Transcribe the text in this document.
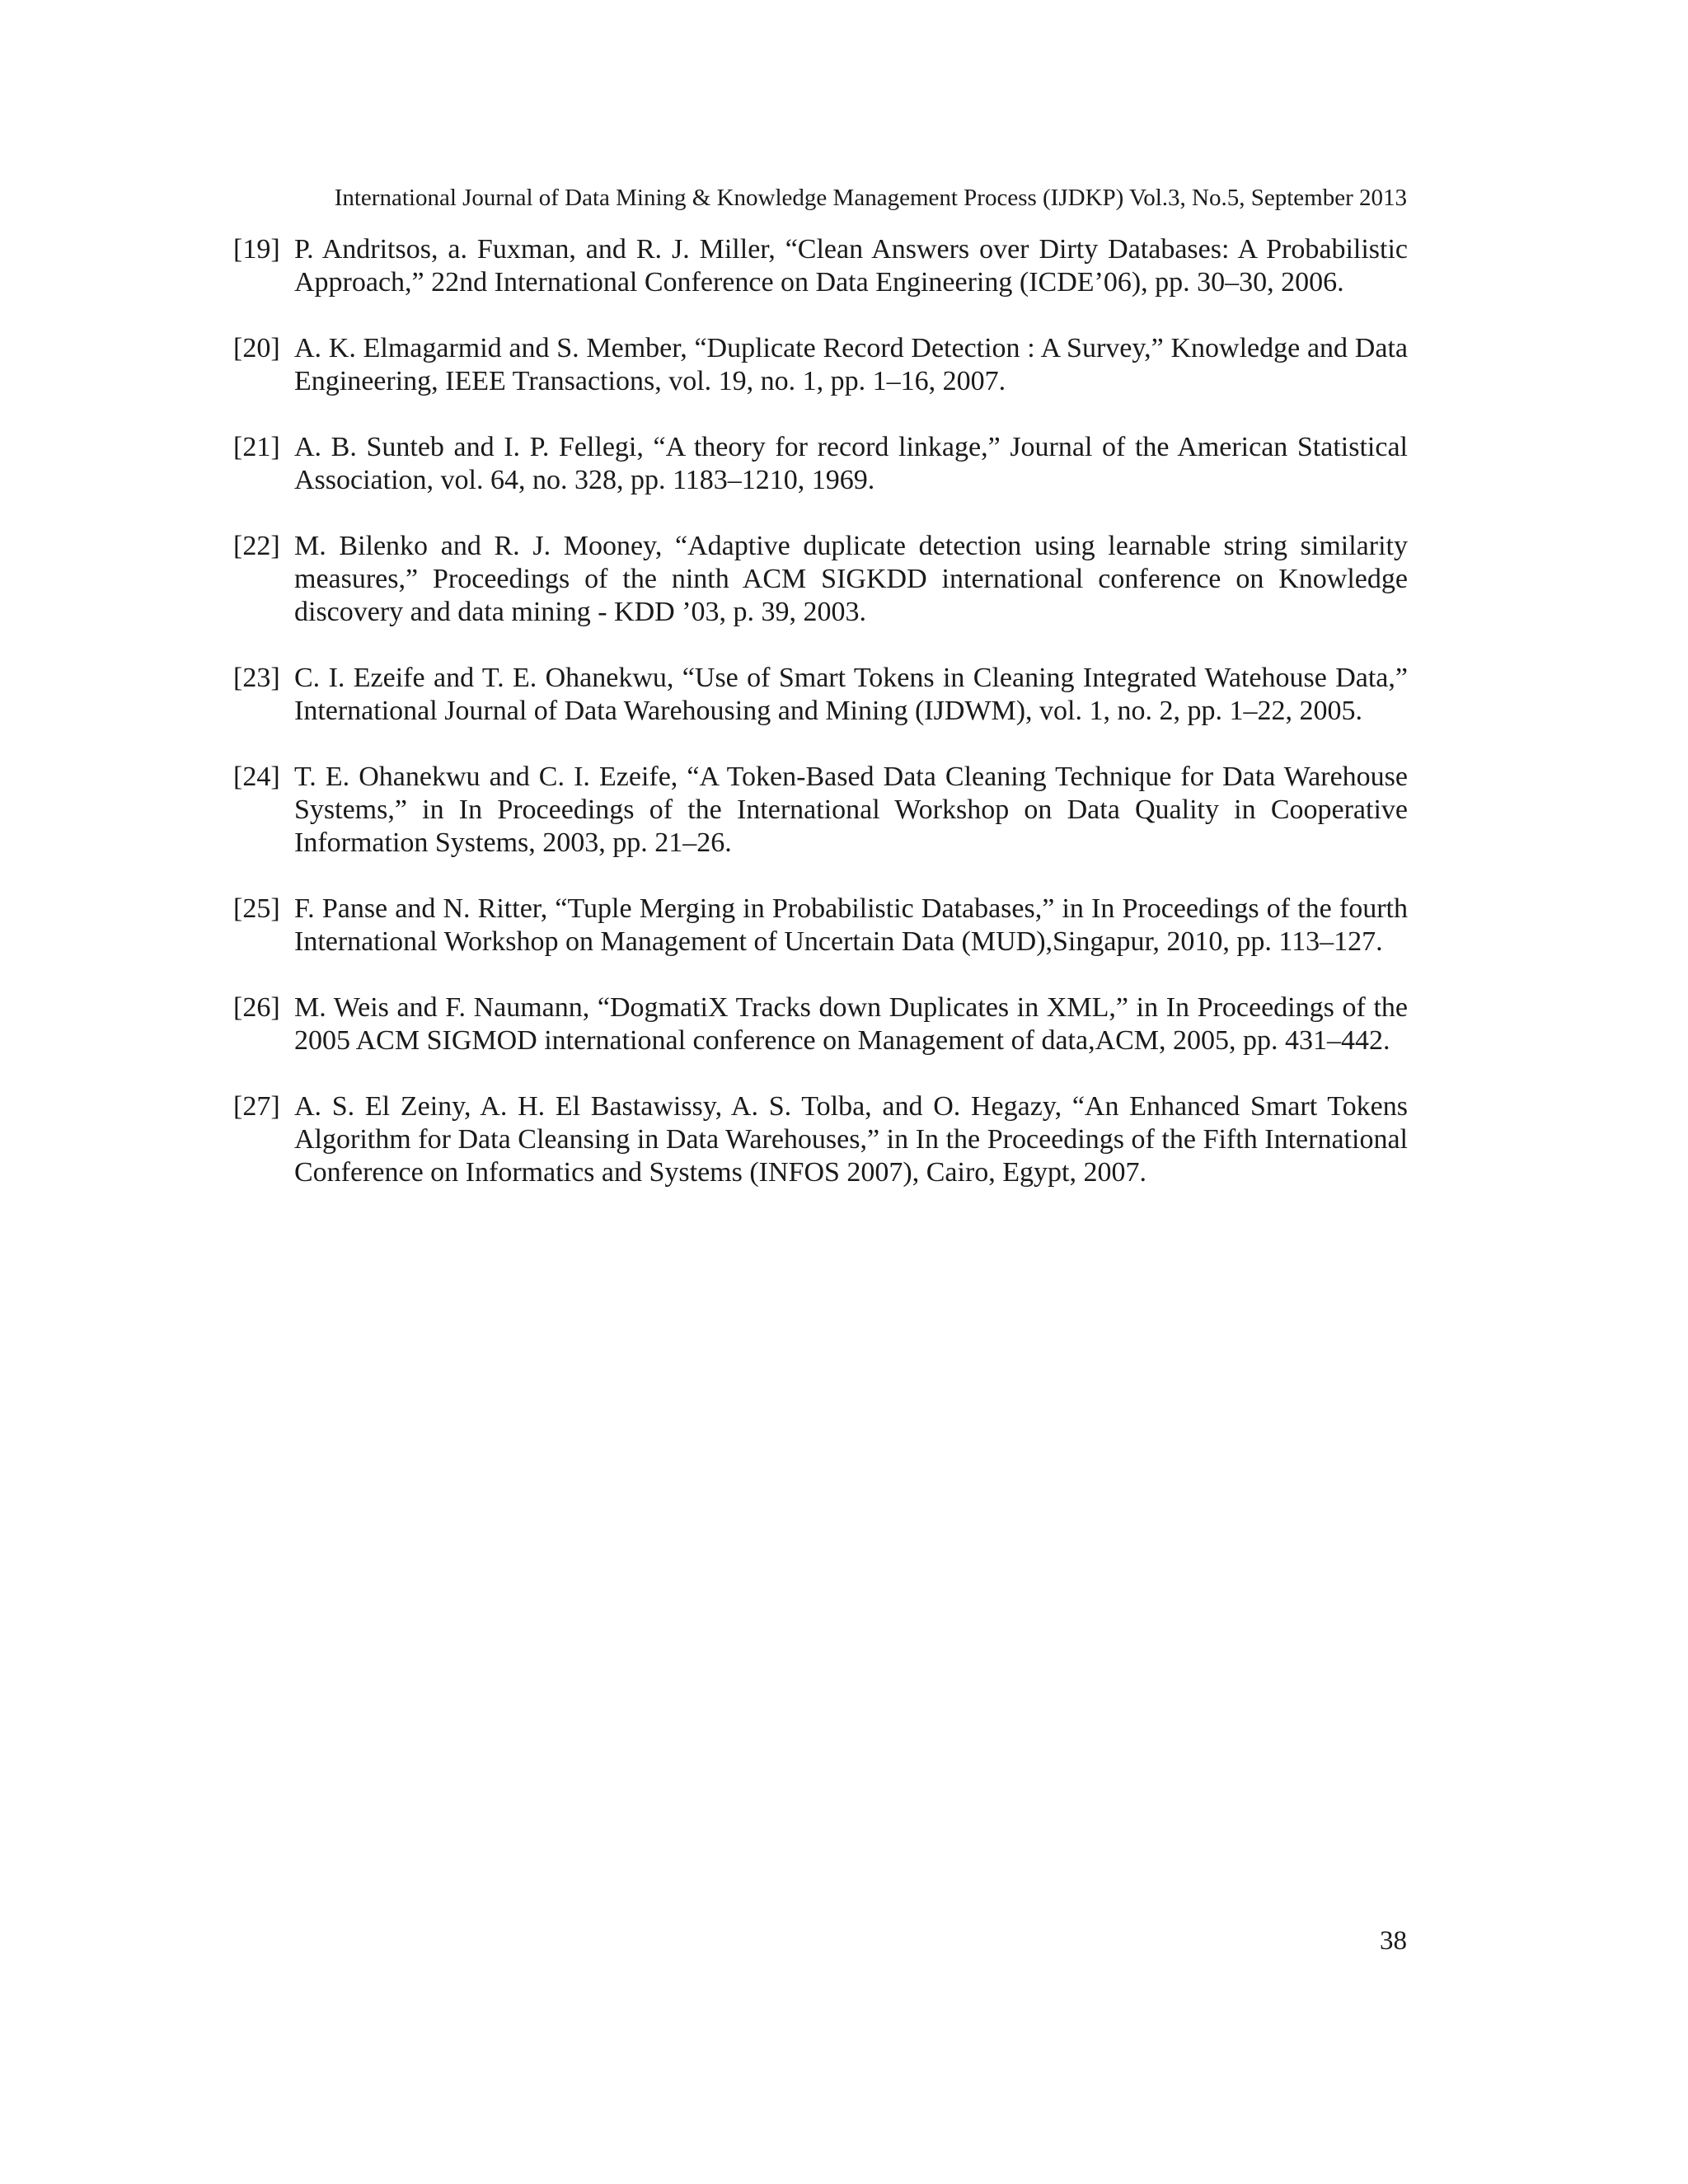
International Journal of Data Mining & Knowledge Management Process (IJDKP) Vol.3, No.5, September 2013
[19] P. Andritsos, a. Fuxman, and R. J. Miller, “Clean Answers over Dirty Databases: A Probabilistic Approach,” 22nd International Conference on Data Engineering (ICDE’06), pp. 30–30, 2006.
[20] A. K. Elmagarmid and S. Member, “Duplicate Record Detection : A Survey,” Knowledge and Data Engineering, IEEE Transactions, vol. 19, no. 1, pp. 1–16, 2007.
[21] A. B. Sunteb and I. P. Fellegi, “A theory for record linkage,” Journal of the American Statistical Association, vol. 64, no. 328, pp. 1183–1210, 1969.
[22] M. Bilenko and R. J. Mooney, “Adaptive duplicate detection using learnable string similarity measures,” Proceedings of the ninth ACM SIGKDD international conference on Knowledge discovery and data mining - KDD ’03, p. 39, 2003.
[23] C. I. Ezeife and T. E. Ohanekwu, “Use of Smart Tokens in Cleaning Integrated Watehouse Data,” International Journal of Data Warehousing and Mining (IJDWM), vol. 1, no. 2, pp. 1–22, 2005.
[24] T. E. Ohanekwu and C. I. Ezeife, “A Token-Based Data Cleaning Technique for Data Warehouse Systems,” in In Proceedings of the International Workshop on Data Quality in Cooperative Information Systems, 2003, pp. 21–26.
[25] F. Panse and N. Ritter, “Tuple Merging in Probabilistic Databases,” in In Proceedings of the fourth International Workshop on Management of Uncertain Data (MUD),Singapur, 2010, pp. 113–127.
[26] M. Weis and F. Naumann, “DogmatiX Tracks down Duplicates in XML,” in In Proceedings of the 2005 ACM SIGMOD international conference on Management of data,ACM, 2005, pp. 431–442.
[27] A. S. El Zeiny, A. H. El Bastawissy, A. S. Tolba, and O. Hegazy, “An Enhanced Smart Tokens Algorithm for Data Cleansing in Data Warehouses,” in In the Proceedings of the Fifth International Conference on Informatics and Systems (INFOS 2007), Cairo, Egypt, 2007.
38
